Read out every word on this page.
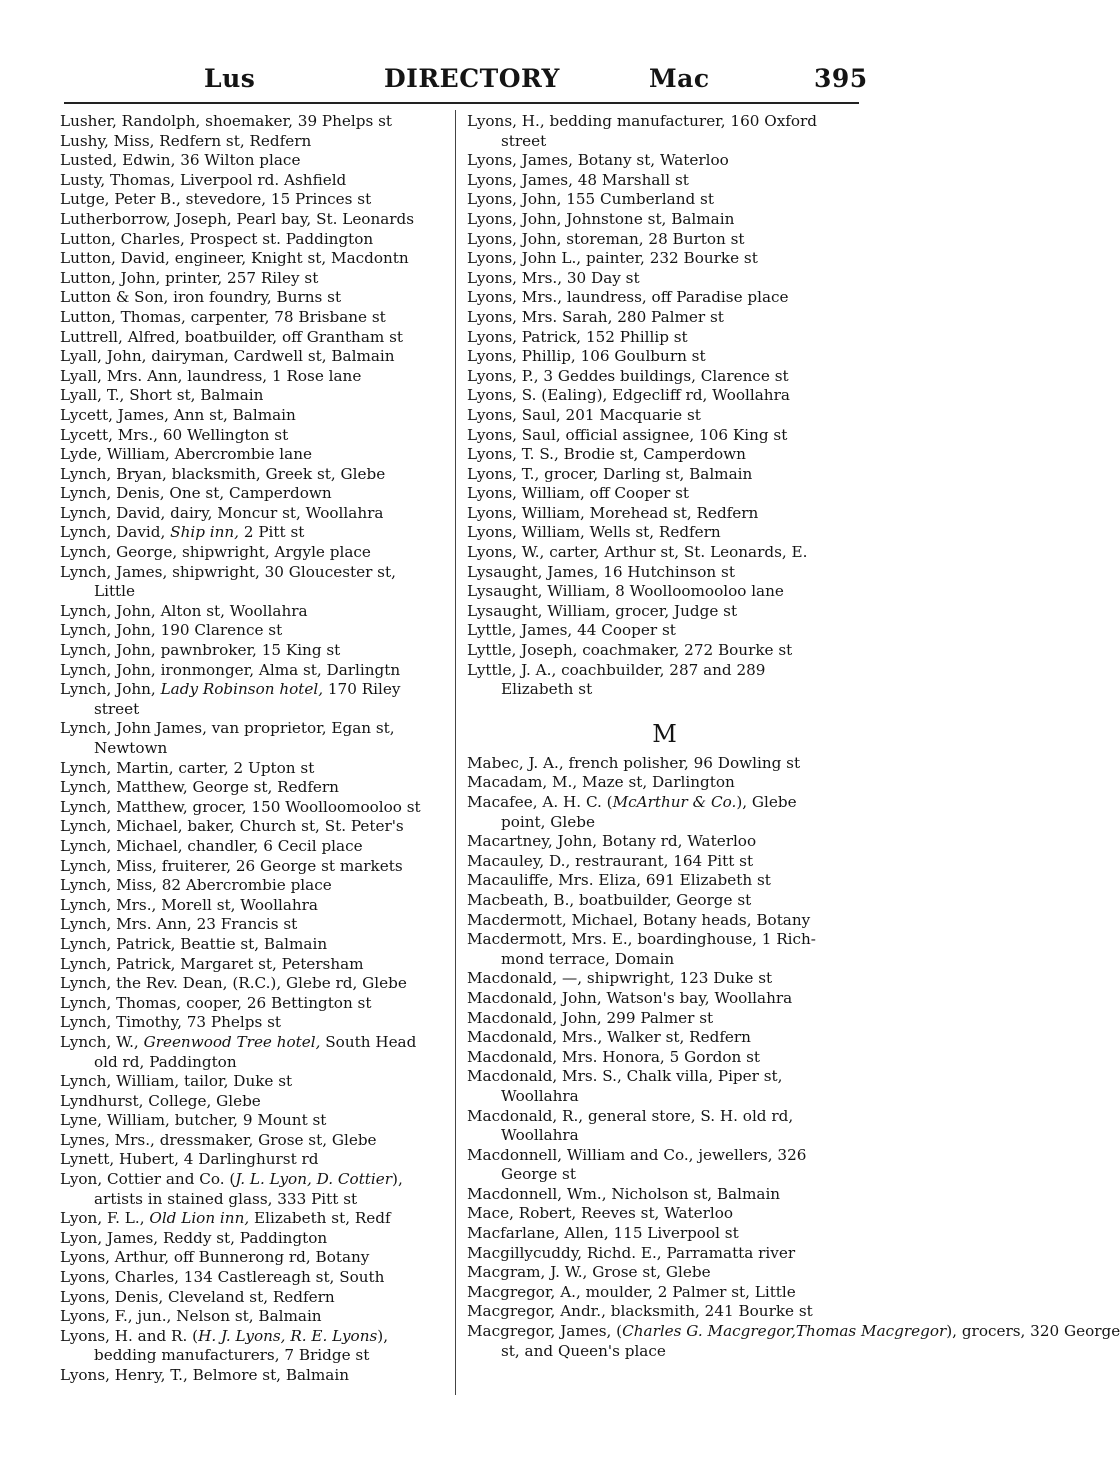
Lus	DIRECTORY	Mac	395
Lusher, Randolph, shoemaker, 39 Phelps st
Lushy, Miss, Redfern st, Redfern
Lusted, Edwin, 36 Wilton place
Lusty, Thomas, Liverpool rd. Ashfield
Lutge, Peter B., stevedore, 15 Princes st
Lutherborrow, Joseph, Pearl bay, St. Leonards
Lutton, Charles, Prospect st. Paddington
Lutton, David, engineer, Knight st, Macdontn
Lutton, John, printer, 257 Riley st
Lutton & Son, iron foundry, Burns st
Lutton, Thomas, carpenter, 78 Brisbane st
Luttrell, Alfred, boatbuilder, off Grantham st
Lyall, John, dairyman, Cardwell st, Balmain
Lyall, Mrs. Ann, laundress, 1 Rose lane
Lyall, T., Short st, Balmain
Lycett, James, Ann st, Balmain
Lycett, Mrs., 60 Wellington st
Lyde, William, Abercrombie lane
Lynch, Bryan, blacksmith, Greek st, Glebe
Lynch, Denis, One st, Camperdown
Lynch, David, dairy, Moncur st, Woollahra
Lynch, David, Ship inn, 2 Pitt st
Lynch, George, shipwright, Argyle place
Lynch, James, shipwright, 30 Gloucester st,
Little
Lynch, John, Alton st, Woollahra
Lynch, John, 190 Clarence st
Lynch, John, pawnbroker, 15 King st
Lynch, John, ironmonger, Alma st, Darlingtn
Lynch, John, Lady Robinson hotel, 170 Riley
street
Lynch, John James, van proprietor, Egan st,
Newtown
Lynch, Martin, carter, 2 Upton st
Lynch, Matthew, George st, Redfern
Lynch, Matthew, grocer, 150 Woolloomooloo st
Lynch, Michael, baker, Church st, St. Peter's
Lynch, Michael, chandler, 6 Cecil place
Lynch, Miss, fruiterer, 26 George st markets
Lynch, Miss, 82 Abercrombie place
Lynch, Mrs., Morell st, Woollahra
Lynch, Mrs. Ann, 23 Francis st
Lynch, Patrick, Beattie st, Balmain
Lynch, Patrick, Margaret st, Petersham
Lynch, the Rev. Dean, (R.C.), Glebe rd, Glebe
Lynch, Thomas, cooper, 26 Bettington st
Lynch, Timothy, 73 Phelps st
Lynch, W., Greenwood Tree hotel, South Head
old rd, Paddington
Lynch, William, tailor, Duke st
Lyndhurst, College, Glebe
Lyne, William, butcher, 9 Mount st
Lynes, Mrs., dressmaker, Grose st, Glebe
Lynett, Hubert, 4 Darlinghurst rd
Lyon, Cottier and Co. (J. L. Lyon, D. Cottier),
artists in stained glass, 333 Pitt st
Lyon, F. L., Old Lion inn, Elizabeth st, Redf
Lyon, James, Reddy st, Paddington
Lyons, Arthur, off Bunnerong rd, Botany
Lyons, Charles, 134 Castlereagh st, South
Lyons, Denis, Cleveland st, Redfern
Lyons, F., jun., Nelson st, Balmain
Lyons, H. and R. (H. J. Lyons, R. E. Lyons),
bedding manufacturers, 7 Bridge st
Lyons, Henry, T., Belmore st, Balmain
Lyons, H., bedding manufacturer, 160 Oxford
street
Lyons, James, Botany st, Waterloo
Lyons, James, 48 Marshall st
Lyons, John, 155 Cumberland st
Lyons, John, Johnstone st, Balmain
Lyons, John, storeman, 28 Burton st
Lyons, John L., painter, 232 Bourke st
Lyons, Mrs., 30 Day st
Lyons, Mrs., laundress, off Paradise place
Lyons, Mrs. Sarah, 280 Palmer st
Lyons, Patrick, 152 Phillip st
Lyons, Phillip, 106 Goulburn st
Lyons, P., 3 Geddes buildings, Clarence st
Lyons, S. (Ealing), Edgecliff rd, Woollahra
Lyons, Saul, 201 Macquarie st
Lyons, Saul, official assignee, 106 King st
Lyons, T. S., Brodie st, Camperdown
Lyons, T., grocer, Darling st, Balmain
Lyons, William, off Cooper st
Lyons, William, Morehead st, Redfern
Lyons, William, Wells st, Redfern
Lyons, W., carter, Arthur st, St. Leonards, E.
Lysaught, James, 16 Hutchinson st
Lysaught, William, 8 Woolloomooloo lane
Lysaught, William, grocer, Judge st
Lyttle, James, 44 Cooper st
Lyttle, Joseph, coachmaker, 272 Bourke st
Lyttle, J. A., coachbuilder, 287 and 289
Elizabeth st
M
Mabec, J. A., french polisher, 96 Dowling st
Macadam, M., Maze st, Darlington
Macafee, A. H. C. (McArthur & Co.), Glebe
point, Glebe
Macartney, John, Botany rd, Waterloo
Macauley, D., restraurant, 164 Pitt st
Macauliffe, Mrs. Eliza, 691 Elizabeth st
Macbeath, B., boatbuilder, George st
Macdermott, Michael, Botany heads, Botany
Macdermott, Mrs. E., boardinghouse, 1 Rich-
mond terrace, Domain
Macdonald, —, shipwright, 123 Duke st
Macdonald, John, Watson's bay, Woollahra
Macdonald, John, 299 Palmer st
Macdonald, Mrs., Walker st, Redfern
Macdonald, Mrs. Honora, 5 Gordon st
Macdonald, Mrs. S., Chalk villa, Piper st,
Woollahra
Macdonald, R., general store, S. H. old rd,
Woollahra
Macdonnell, William and Co., jewellers, 326
George st
Macdonnell, Wm., Nicholson st, Balmain
Mace, Robert, Reeves st, Waterloo
Macfarlane, Allen, 115 Liverpool st
Macgillycuddy, Richd. E., Parramatta river
Macgram, J. W., Grose st, Glebe
Macgregor, A., moulder, 2 Palmer st, Little
Macgregor, Andr., blacksmith, 241 Bourke st
Macgregor, James, (Charles G. Macgregor,Thomas Macgregor), grocers, 320 George
st, and Queen's place
